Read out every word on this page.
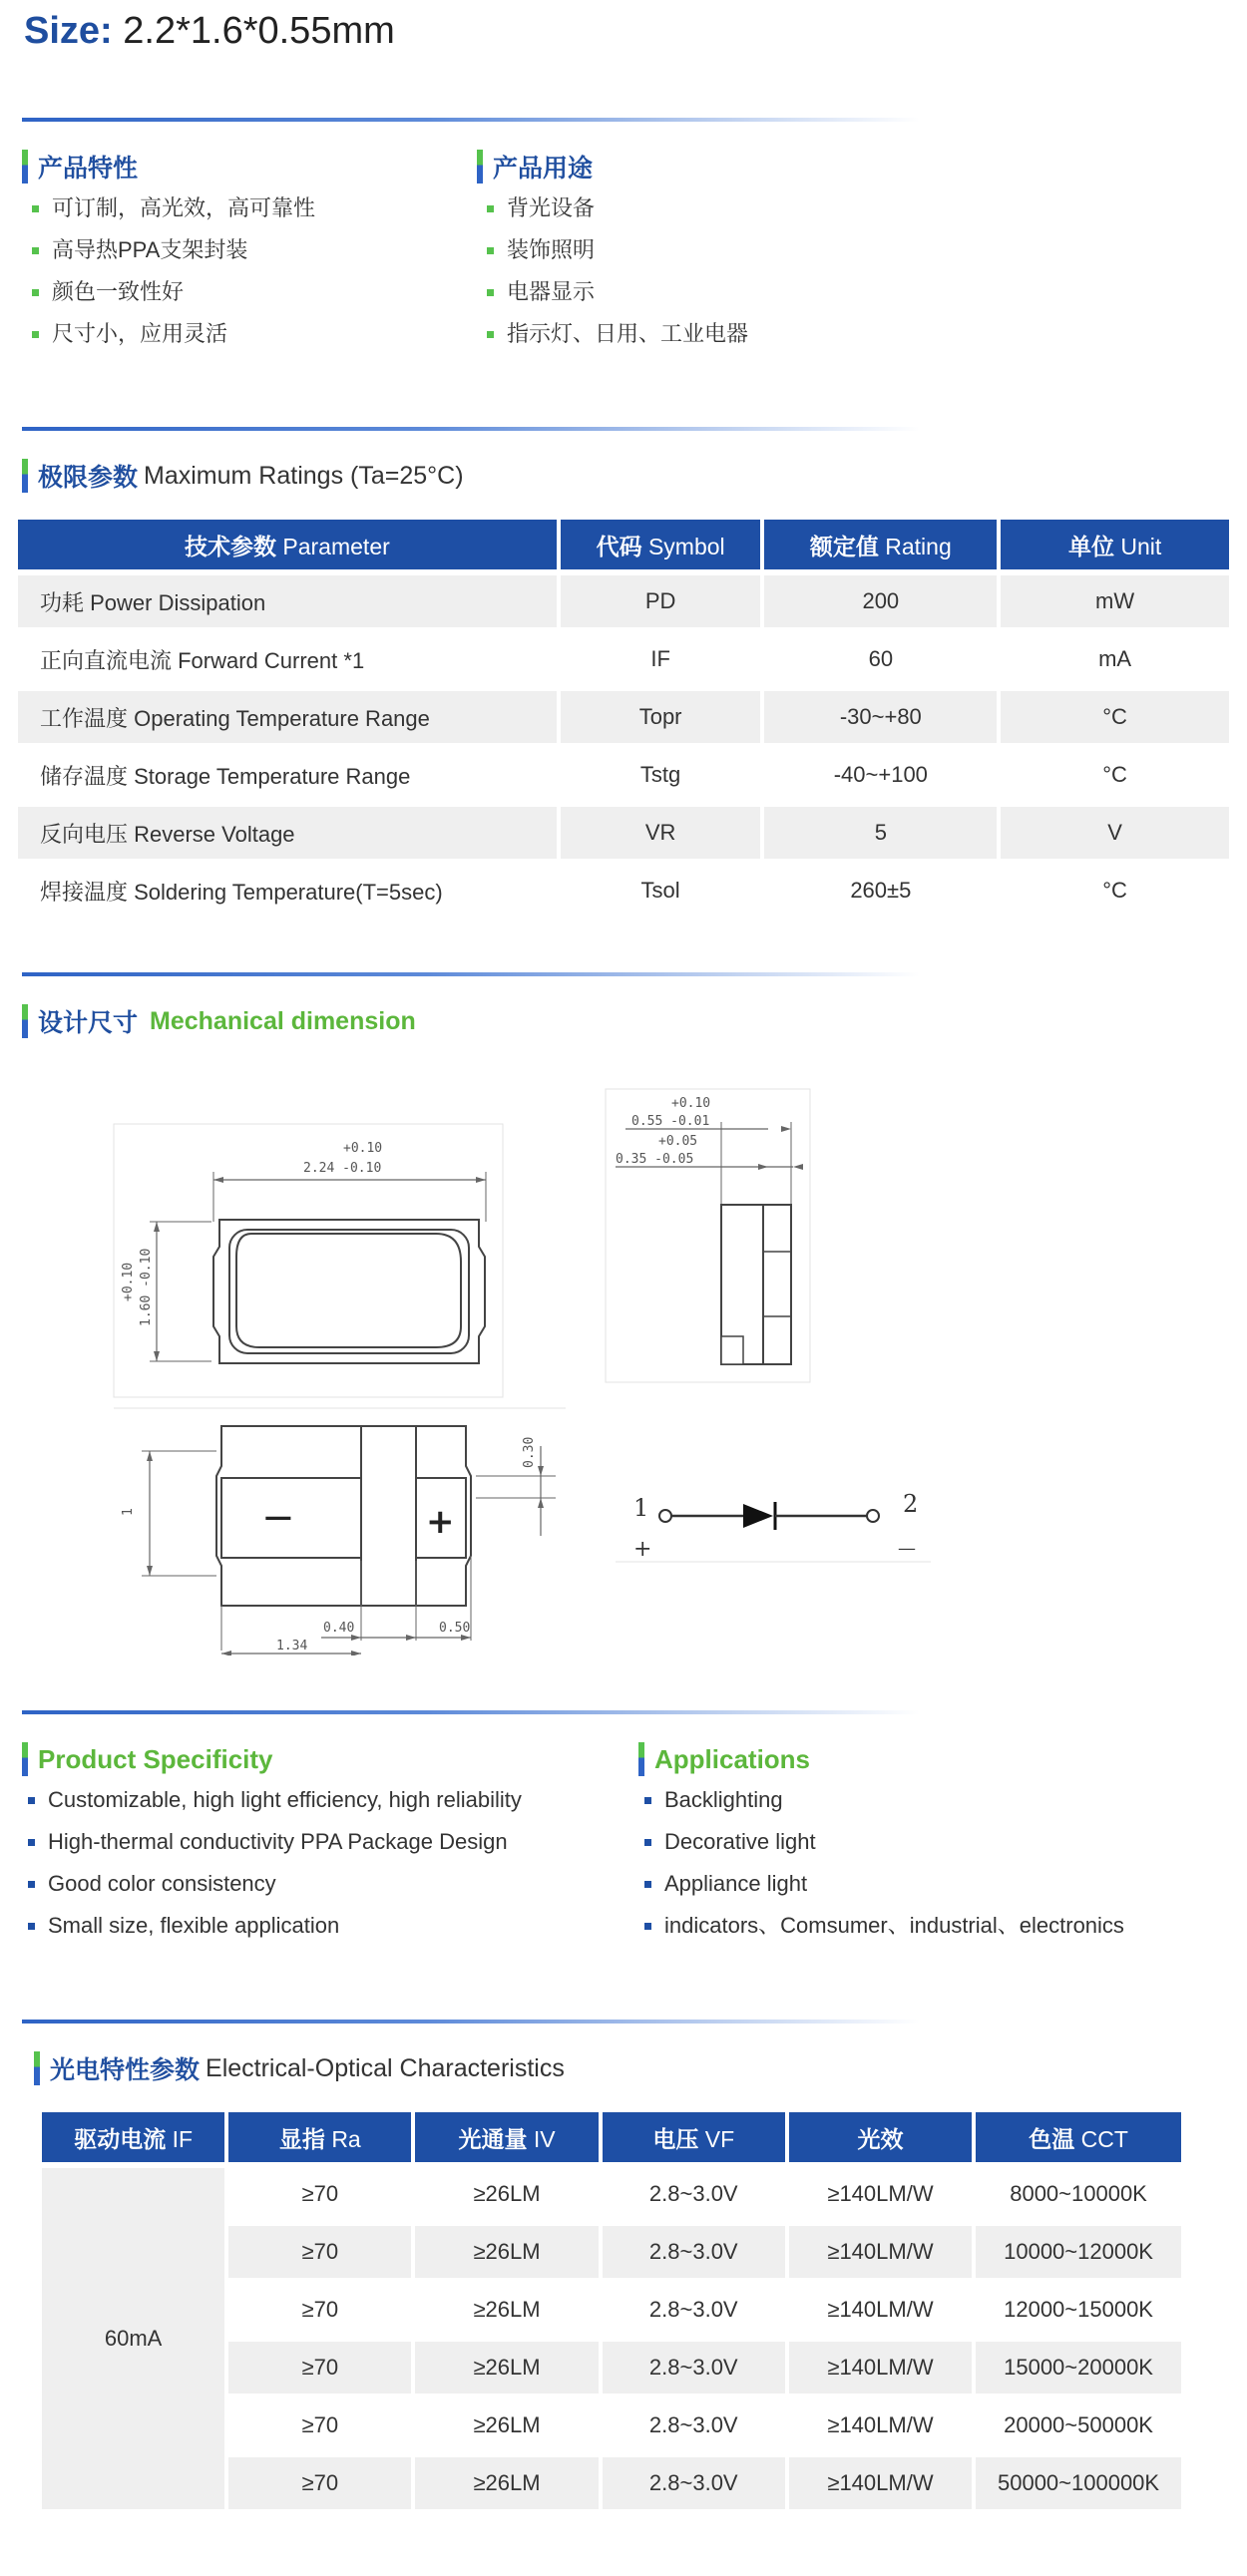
Size: 2.2*1.6*0.55mm
产品特性
可订制，高光效，高可靠性
高导热PPA支架封装
颜色一致性好
尺寸小，应用灵活
产品用途
背光设备
装饰照明
电器显示
指示灯、日用、工业电器
极限参数 Maximum Ratings (Ta=25°C)
技术参数 Parameter	代码 Symbol	额定值 Rating	单位 Unit
功耗 Power Dissipation	PD	200	mW
正向直流电流 Forward Current *1	IF	60	mA
工作温度 Operating Temperature Range	Topr	-30~+80	°C
储存温度 Storage Temperature Range	Tstg	-40~+100	°C
反向电压 Reverse Voltage	VR	5	V
焊接温度 Soldering Temperature(T=5sec)	Tsol	260±5	°C
设计尺寸 Mechanical dimension
+0.10
2.24 -0.10
+0.10 1.60 -0.10
+0.10
0.55 -0.01
+0.05
0.35 -0.05
−	+
1
0.30
0.40	0.50
1.34
1	2
+	—
Product Specificity
Customizable, high light efficiency, high reliability
High-thermal conductivity PPA Package Design
Good color consistency
Small size, flexible application
Applications
Backlighting
Decorative light
Appliance light
indicators、Comsumer、industrial、electronics
光电特性参数 Electrical-Optical Characteristics
驱动电流 IF	显指 Ra	光通量 IV	电压 VF	光效	色温 CCT
60mA	≥70	≥26LM	2.8~3.0V	≥140LM/W	8000~10000K
	≥70	≥26LM	2.8~3.0V	≥140LM/W	10000~12000K
	≥70	≥26LM	2.8~3.0V	≥140LM/W	12000~15000K
	≥70	≥26LM	2.8~3.0V	≥140LM/W	15000~20000K
	≥70	≥26LM	2.8~3.0V	≥140LM/W	20000~50000K
	≥70	≥26LM	2.8~3.0V	≥140LM/W	50000~100000K
